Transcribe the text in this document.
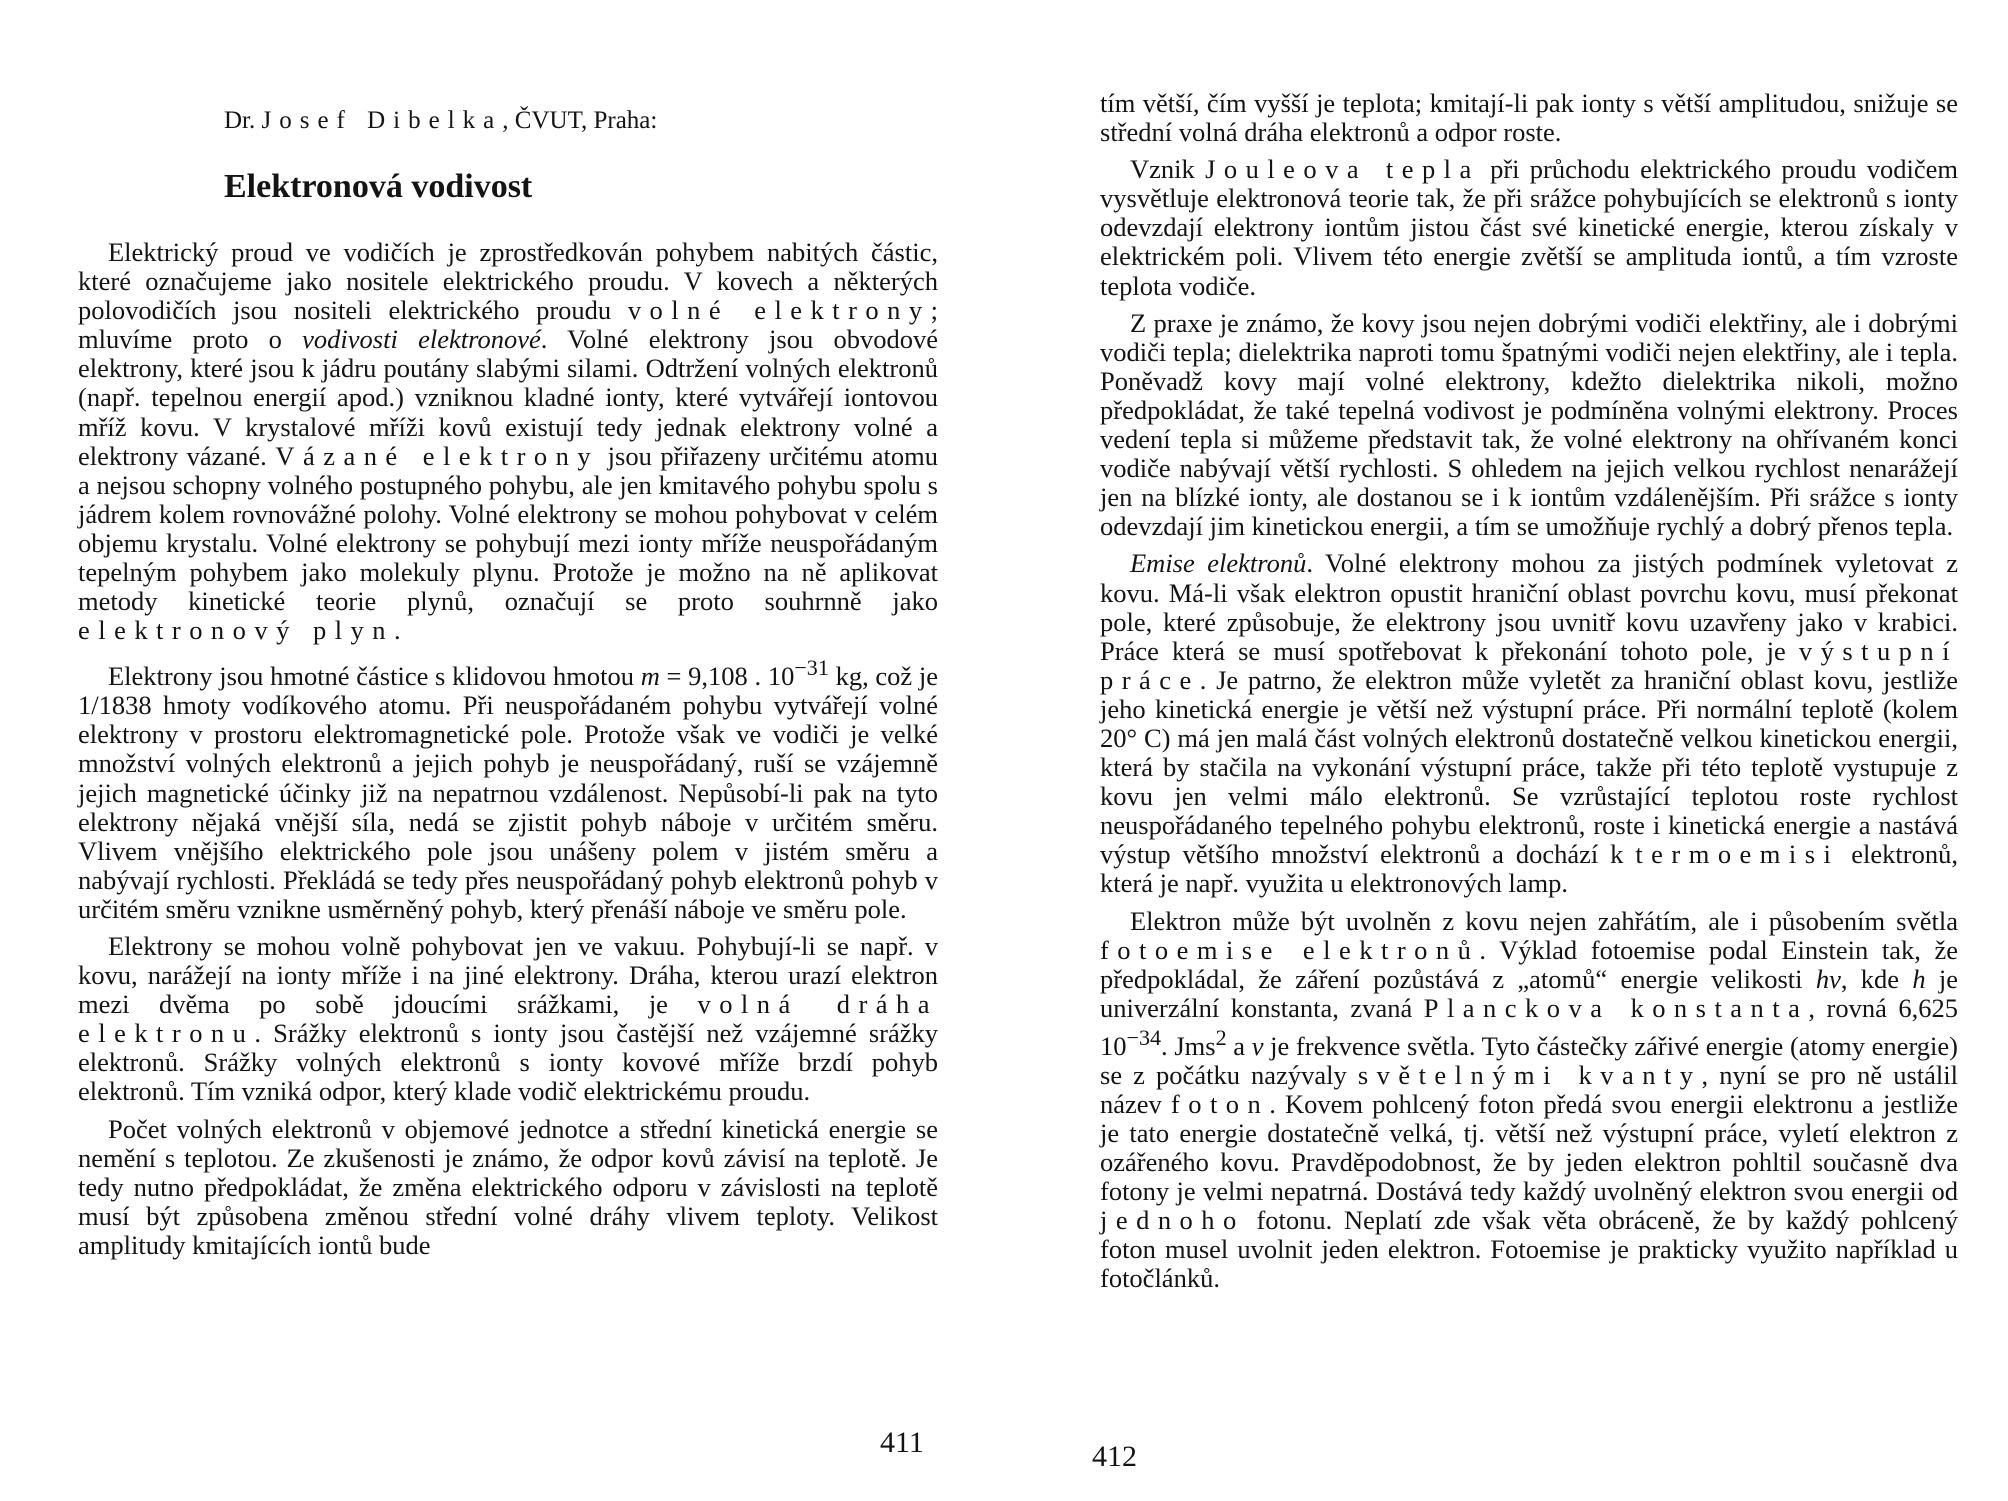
Dr. Josef Dibelka, ČVUT, Praha:
Elektronová vodivost

Elektrický proud ve vodičích je zprostředkován pohybem nabitých částic, které označujeme jako nositele elektrického proudu. V kovech a některých polovodičích jsou nositeli elektrického proudu volné elektrony; mluvíme proto o vodivosti elektronové. Volné elektrony jsou obvodové elektrony, které jsou k jádru poutány slabými silami. Odtržení volných elektronů (např. tepelnou energií apod.) vzniknou kladné ionty, které vytvářejí iontovou mříž kovu. V krystalové mříži kovů existují tedy jednak elektrony volné a elektrony vázané. Vázané elektrony jsou přiřazeny určitému atomu a nejsou schopny volného postupného pohybu, ale jen kmitavého pohybu spolu s jádrem kolem rovnovážné polohy. Volné elektrony se mohou pohybovat v celém objemu krystalu. Volné elektrony se pohybují mezi ionty mříže neuspořádaným tepelným pohybem jako molekuly plynu. Protože je možno na ně aplikovat metody kinetické teorie plynů, označují se proto souhrnně jako elektronový plyn.

Elektrony jsou hmotné částice s klidovou hmotou m = 9,108 . $10^{-31}$ kg, což je 1/1838 hmoty vodíkového atomu. Při neuspořádaném pohybu vytvářejí volné elektrony v prostoru elektromagnetické pole. Protože však ve vodiči je velké množství volných elektronů a jejich pohyb je neuspořádaný, ruší se vzájemně jejich magnetické účinky již na nepatrnou vzdálenost. Nepůsobí-li pak na tyto elektrony nějaká vnější síla, nedá se zjistit pohyb náboje v určitém směru. Vlivem vnějšího elektrického pole jsou unášeny polem v jistém směru a nabývají rychlosti. Překládá se tedy přes neuspořádaný pohyb elektronů pohyb v určitém směru vznikne usměrněný pohyb, který přenáší náboje ve směru pole.

Elektrony se mohou volně pohybovat jen ve vakuu. Pohybují-li se např. v kovu, narážejí na ionty mříže i na jiné elektrony. Dráha, kterou urazí elektron mezi dvěma po sobě jdoucími srážkami, je volná dráha elektronu. Srážky elektronů s ionty jsou častější než vzájemné srážky elektronů. Srážky volných elektronů s ionty kovové mříže brzdí pohyb elektronů. Tím vzniká odpor, který klade vodič elektrickému proudu.

Počet volných elektronů v objemové jednotce a střední kinetická energie se nemění s teplotou. Ze zkušenosti je známo, že odpor kovů závisí na teplotě. Je tedy nutno předpokládat, že změna elektrického odporu v závislosti na teplotě musí být způsobena změnou střední volné dráhy vlivem teploty. Velikost amplitudy kmitajících iontů bude

411

tím větší, čím vyšší je teplota; kmitají-li pak ionty s větší amplitudou, snižuje se střední volná dráha elektronů a odpor roste.

Vznik Jouleova tepla při průchodu elektrického proudu vodičem vysvětluje elektronová teorie tak, že při srážce pohybujících se elektronů s ionty odevzdají elektrony iontům jistou část své kinetické energie, kterou získaly v elektrickém poli. Vlivem této energie zvětší se amplituda iontů, a tím vzroste teplota vodiče.

Z praxe je známo, že kovy jsou nejen dobrými vodiči elektřiny, ale i dobrými vodiči tepla; dielektrika naproti tomu špatnými vodiči nejen elektřiny, ale i tepla. Poněvadž kovy mají volné elektrony, kdežto dielektrika nikoli, možno předpokládat, že také tepelná vodivost je podmíněna volnými elektrony. Proces vedení tepla si můžeme představit tak, že volné elektrony na ohřívaném konci vodiče nabývají větší rychlosti. S ohledem na jejich velkou rychlost nenarážejí jen na blízké ionty, ale dostanou se i k iontům vzdálenějším. Při srážce s ionty odevzdají jim kinetickou energii, a tím se umožňuje rychlý a dobrý přenos tepla.

Emise elektronů. Volné elektrony mohou za jistých podmínek vyletovat z kovu. Má-li však elektron opustit hraniční oblast povrchu kovu, musí překonat pole, které způsobuje, že elektrony jsou uvnitř kovu uzavřeny jako v krabici. Práce která se musí spotřebovat k překonání tohoto pole, je výstupní práce. Je patrno, že elektron může vyletět za hraniční oblast kovu, jestliže jeho kinetická energie je větší než výstupní práce. Při normální teplotě (kolem 20° C) má jen malá část volných elektronů dostatečně velkou kinetickou energii, která by stačila na vykonání výstupní práce, takže při této teplotě vystupuje z kovu jen velmi málo elektronů. Se vzrůstající teplotou roste rychlost neuspořádaného tepelného pohybu elektronů, roste i kinetická energie a nastává výstup většího množství elektronů a dochází k termoemisi elektronů, která je např. využita u elektronových lamp.

Elektron může být uvolněn z kovu nejen zahřátím, ale i působením světla fotoemise elektronů. Výklad fotoemise podal Einstein tak, že předpokládal, že záření pozůstává z „atomů“ energie velikosti hν, kde h je univerzální konstanta, zvaná Planckova konstanta, rovná 6,625 $10^{-34}$. Jms$^2$ a ν je frekvence světla. Tyto částečky zářivé energie (atomy energie) se z počátku nazývaly světelnými kvanty, nyní se pro ně ustálil název foton. Kovem pohlcený foton předá svou energii elektronu a jestliže je tato energie dostatečně velká, tj. větší než výstupní práce, vyletí elektron z ozářeného kovu. Pravděpodobnost, že by jeden elektron pohltil současně dva fotony je velmi nepatrná. Dostává tedy každý uvolněný elektron svou energii od jednoho fotonu. Neplatí zde však věta obráceně, že by každý pohlcený foton musel uvolnit jeden elektron. Fotoemise je prakticky využito například u fotočlánků.

412
